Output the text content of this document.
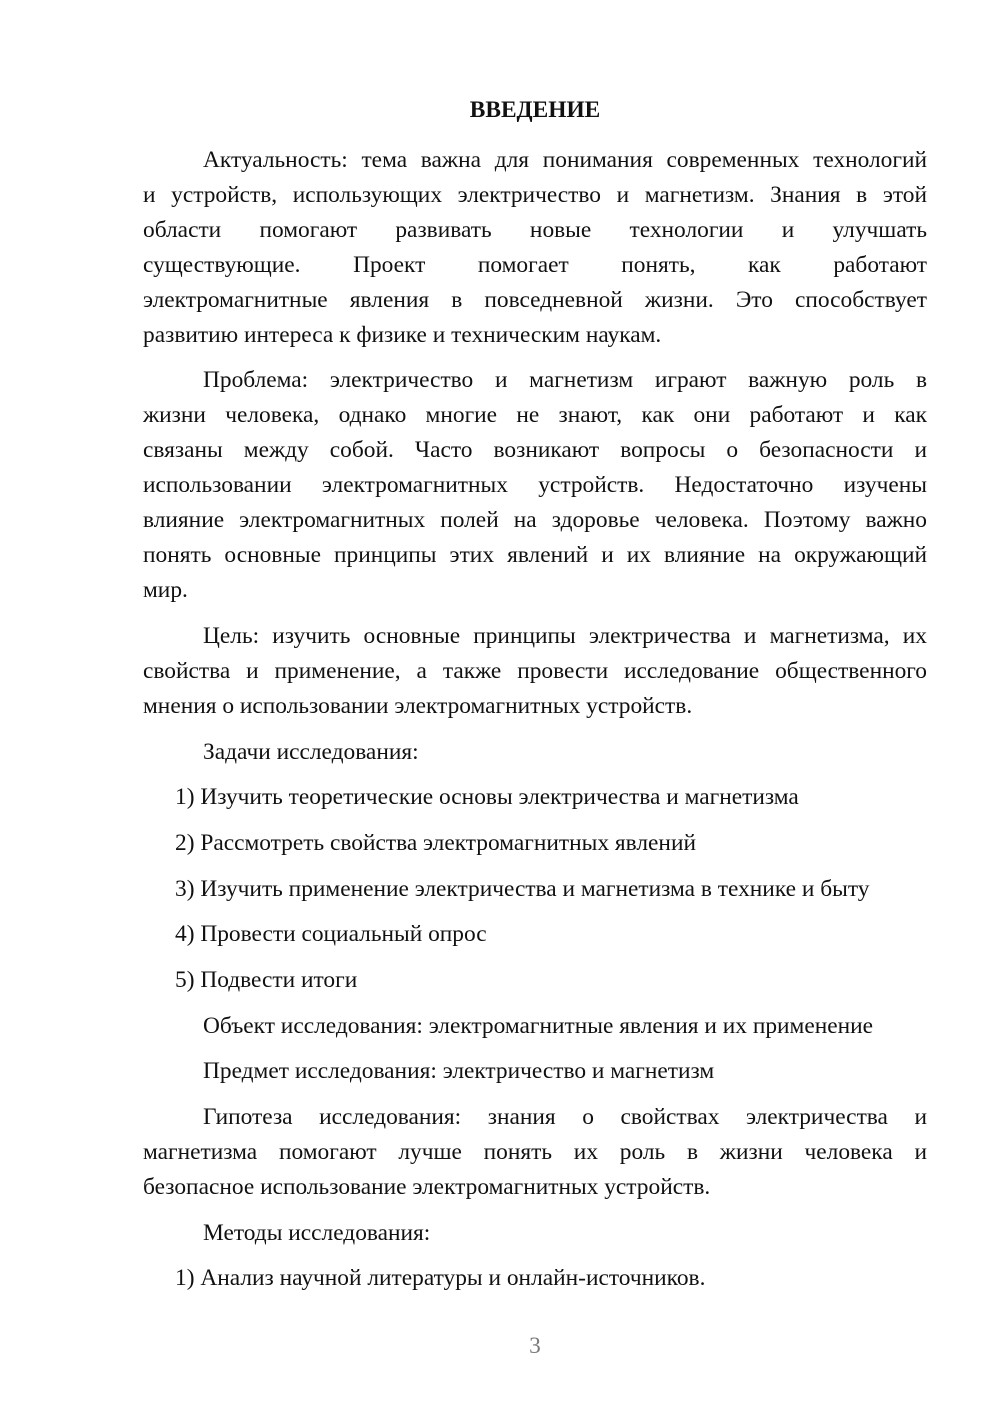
ВВЕДЕНИЕ
Актуальность: тема важна для понимания современных технологий
и устройств, использующих электричество и магнетизм. Знания в этой
области помогают развивать новые технологии и улучшать
существующие. Проект помогает понять, как работают
электромагнитные явления в повседневной жизни. Это способствует
развитию интереса к физике и техническим наукам.
Проблема: электричество и магнетизм играют важную роль в
жизни человека, однако многие не знают, как они работают и как
связаны между собой. Часто возникают вопросы о безопасности и
использовании электромагнитных устройств. Недостаточно изучены
влияние электромагнитных полей на здоровье человека. Поэтому важно
понять основные принципы этих явлений и их влияние на окружающий
мир.
Цель: изучить основные принципы электричества и магнетизма, их
свойства и применение, а также провести исследование общественного
мнения о использовании электромагнитных устройств.
Задачи исследования:
1) Изучить теоретические основы электричества и магнетизма
2) Рассмотреть свойства электромагнитных явлений
3) Изучить применение электричества и магнетизма в технике и быту
4) Провести социальный опрос
5) Подвести итоги
Объект исследования: электромагнитные явления и их применение
Предмет исследования: электричество и магнетизм
Гипотеза исследования: знания о свойствах электричества и
магнетизма помогают лучше понять их роль в жизни человека и
безопасное использование электромагнитных устройств.
Методы исследования:
1) Анализ научной литературы и онлайн-источников.
3
